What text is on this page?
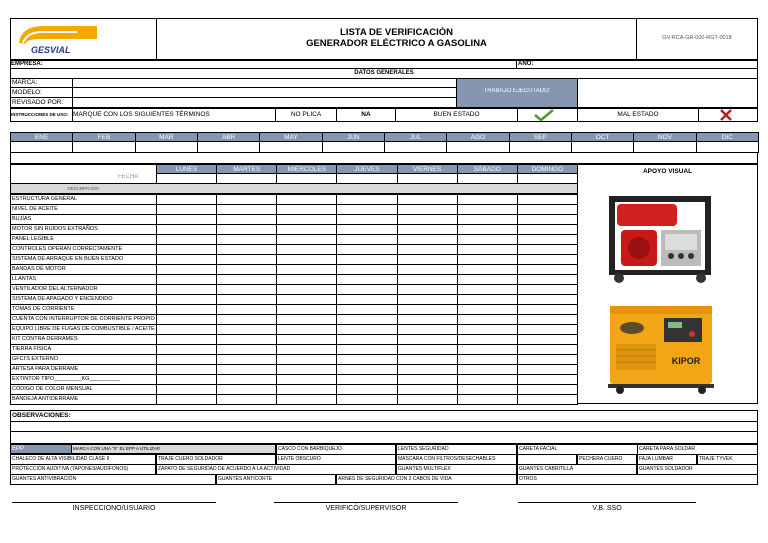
GESVIAL
LISTA DE VERIFICACIÓN
GENERADOR ELÉCTRICO A GASOLINA	GV-RCA-GR-000-RGT-0018
EMPRESA:	AÑO:
DATOS GENERALES
MARCA:
MODELO:
REVISADO POR:
TRABAJO EJECUTADO:
INSTRUCCIONES DE USO: MARQUE CON LOS SIGUIENTES TÉRMINOS	NO PLICA	NA	BUEN ESTADO	MAL ESTADO
ENE	FEB	MAR	ABR	MAY	JUN	JUL	AGO	SEP	OCT	NOV	DIC
LUNES	MARTES	MIERCOLES	JUEVES	VIERNES	SÁBADO	DOMINGO
FECHA
DESCRIPCIÓN
ESTRUCTURA GENERAL
NIVEL DE ACEITE
BUJÍAS
MOTOR SIN RUIDOS EXTRAÑOS
PANEL LEGIBLE
CONTROLES OPERAN CORRECTAMENTE
SISTEMA DE ARRAQUE EN BUEN ESTADO
BANDAS DE MOTOR
LLANTAS
VENTILADOR DEL ALTERNADOR
SISTEMA DE APAGADO Y ENCENDIDO
TOMAS DE CORRIENTE
CUENTA CON INTERRUPTOR DE CORRIENTE PROPIO
EQUIPO LIBRE DE FUGAS DE COMBUSTIBLE / ACEITE
KIT CONTRA DERRAMES
TIERRA FÍSICA
GFCI'S EXTERNO
ARTESA PARA DERRAME
EXTINTOR TIPO_________KG__________
CÓDIGO DE COLOR MENSUAL
BANDEJA ANTIDERRAME
APOYO VISUAL
KIPOR
OBSERVACIONES:
EPP	MARCA CON UNA "X" EL EPP A UTILIZAR	CASCO CON BARBIQUEJO	LENTES SEGURIDAD	CARETA FACIAL	CARETA PARA SOLDAR
CHALECO DE ALTA VISIBILIDAD CLASE II	TRAJE CUERO SOLDADOR	LENTE OBSCURO	MASCARA CON FILTROS/DESECHABLES	PECHERA CUERO	FAJA LUMBAR	TRAJE TYVEK
PROTECCIÓN AUDITIVA (TAPONES/AUDÍFONOS)	ZAPATO DE SEGURIDAD DE ACUERDO A LA ACTIVIDAD	GUANTES MULTIFLEX	GUANTES CABRITILLA	GUANTES SOLDADOR
GUANTES ANTIVIBRACIÓN	GUANTES ANTICORTE	ARNES DE SEGURIDAD CON 2 CABOS DE VIDA	OTROS
INSPECCIONO/USUARIO	VERIFICÓ/SUPERVISOR	V.B. SSO
